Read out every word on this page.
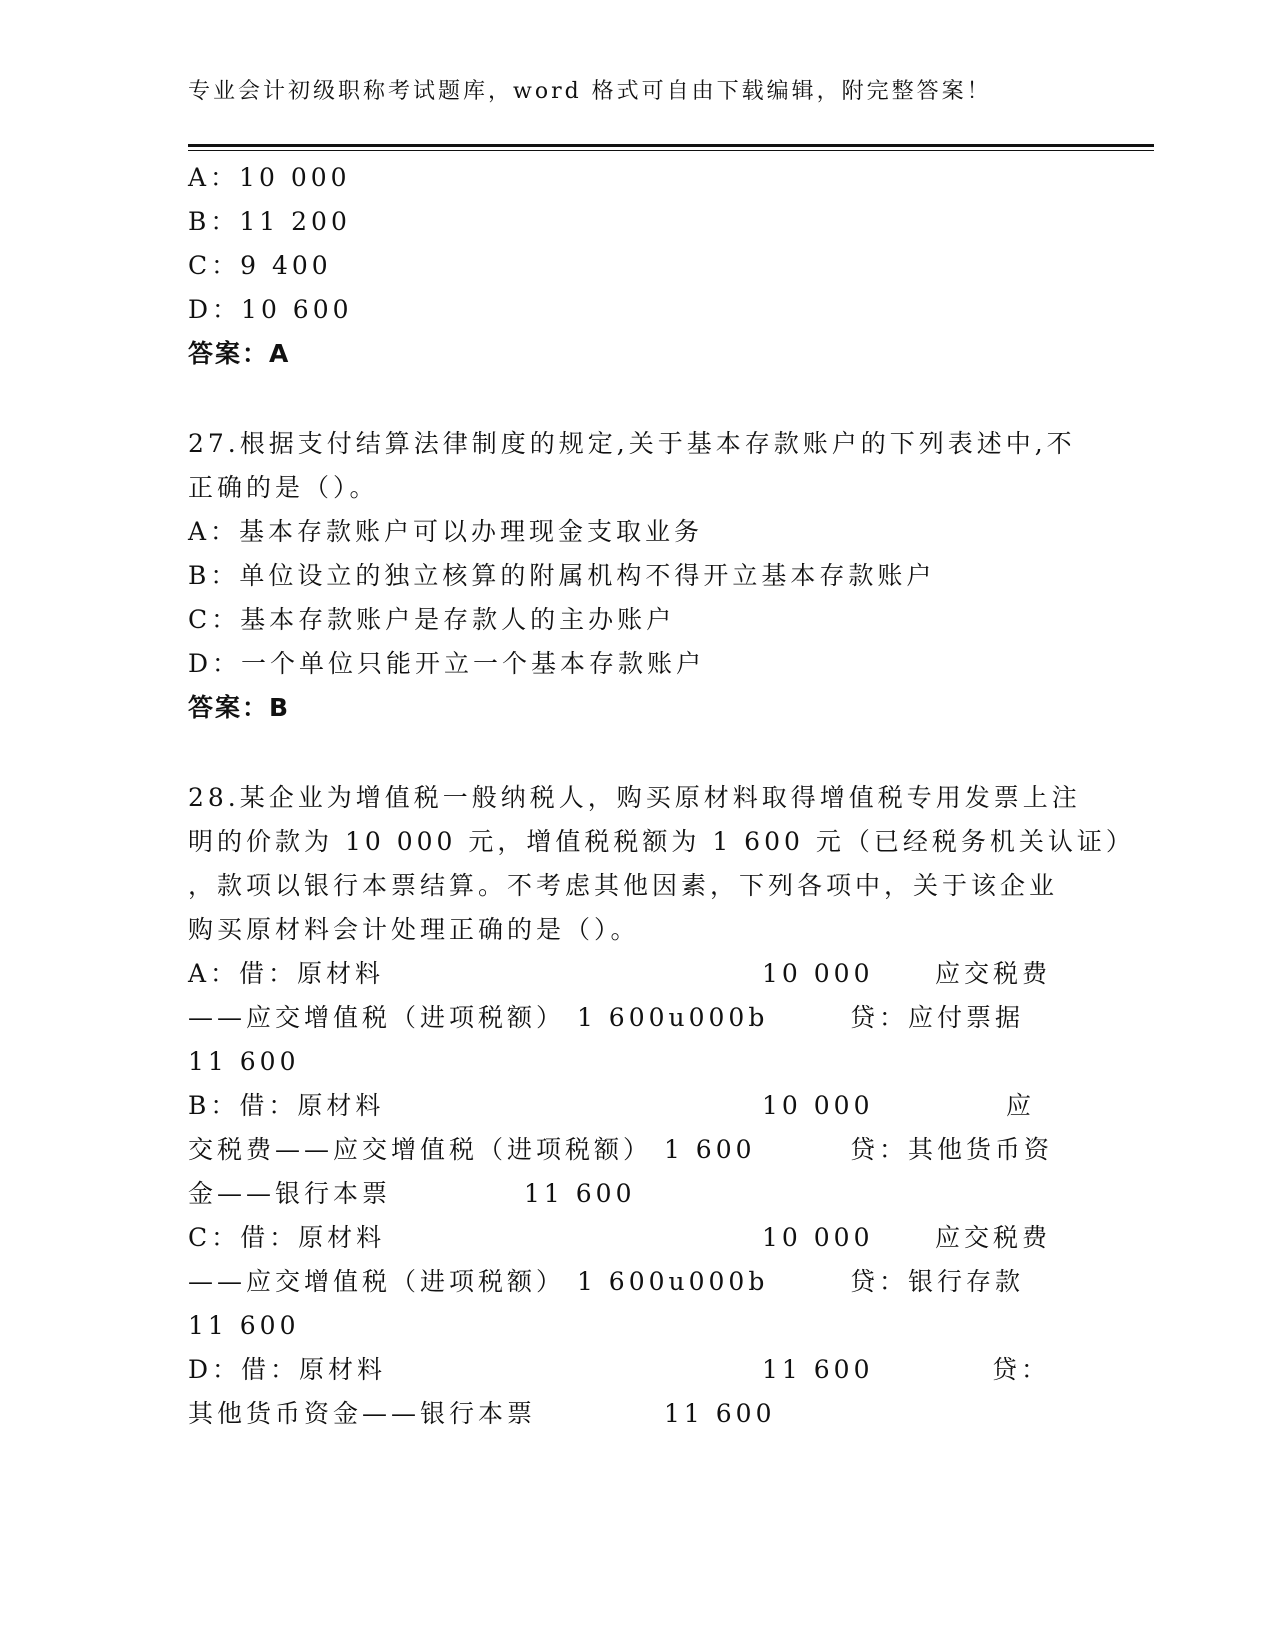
专业会计初级职称考试题库，word 格式可自由下载编辑，附完整答案！
A：10 000
B：11 200
C：9 400
D：10 600
答案：A
27.根据支付结算法律制度的规定,关于基本存款账户的下列表述中,不
正确的是（）。
A：基本存款账户可以办理现金支取业务
B：单位设立的独立核算的附属机构不得开立基本存款账户
C：基本存款账户是存款人的主办账户
D：一个单位只能开立一个基本存款账户
答案：B
28.某企业为增值税一般纳税人，购买原材料取得增值税专用发票上注
明的价款为 10 000 元，增值税税额为 1 600 元（已经税务机关认证）
，款项以银行本票结算。不考虑其他因素，下列各项中，关于该企业
购买原材料会计处理正确的是（）。
A：借：原材料	10 000 应交税费
——应交增值税（进项税额） 1 600u000b	贷：应付票据
11 600
B：借：原材料	10 000	应
交税费——应交增值税（进项税额） 1 600	贷：其他货币资
金——银行本票	11 600
C：借：原材料	10 000 应交税费
——应交增值税（进项税额） 1 600u000b	贷：银行存款
11 600
D：借：原材料	11 600	贷：
其他货币资金——银行本票	11 600
